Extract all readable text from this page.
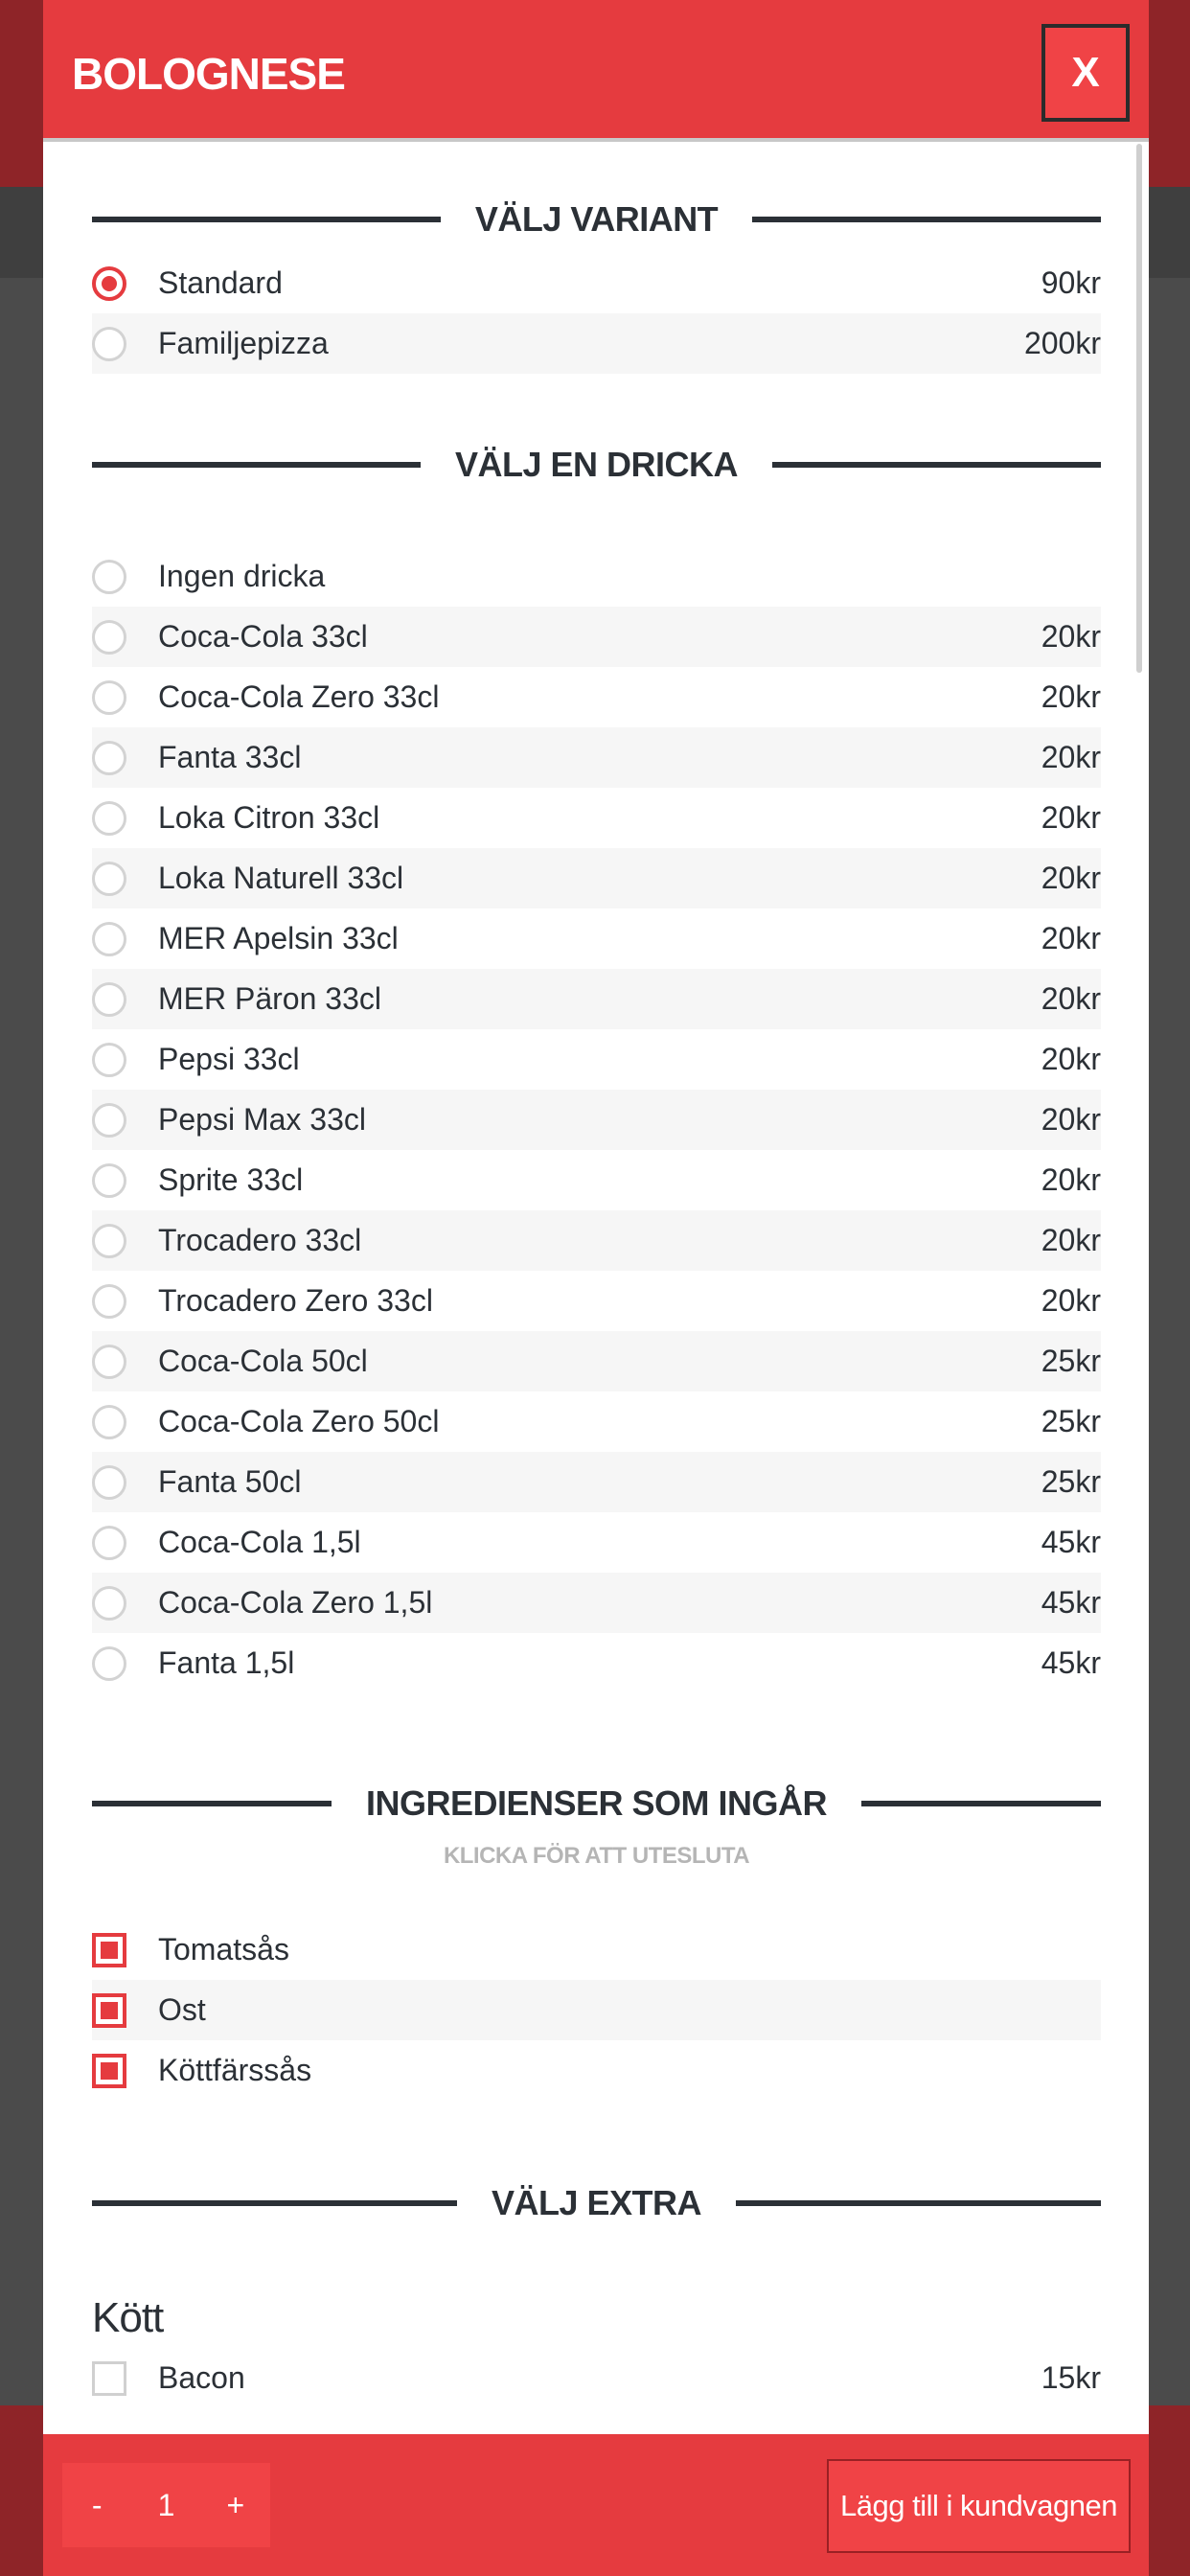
BOLOGNESE	X
VÄLJ VARIANT
Standard	90kr
Familjepizza	200kr
VÄLJ EN DRICKA
Ingen dricka
Coca-Cola 33cl	20kr
Coca-Cola Zero 33cl	20kr
Fanta 33cl	20kr
Loka Citron 33cl	20kr
Loka Naturell 33cl	20kr
MER Apelsin 33cl	20kr
MER Päron 33cl	20kr
Pepsi 33cl	20kr
Pepsi Max 33cl	20kr
Sprite 33cl	20kr
Trocadero 33cl	20kr
Trocadero Zero 33cl	20kr
Coca-Cola 50cl	25kr
Coca-Cola Zero 50cl	25kr
Fanta 50cl	25kr
Coca-Cola 1,5l	45kr
Coca-Cola Zero 1,5l	45kr
Fanta 1,5l	45kr
INGREDIENSER SOM INGÅR
KLICKA FÖR ATT UTESLUTA
Tomatsås
Ost
Köttfärssås
VÄLJ EXTRA
Kött
Bacon	15kr
-	1	+	Lägg till i kundvagnen
